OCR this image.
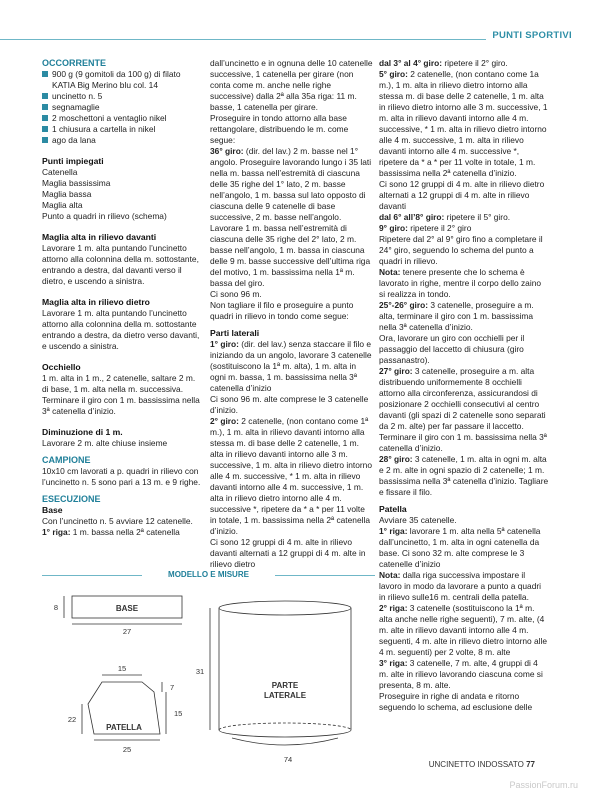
PUNTI SPORTIVI

OCCORRENTE

900 g (9 gomitoli da 100 g) di filato KATIA Big Merino blu col. 14
uncinetto n. 5
segnamaglie
2 moschettoni a ventaglio nikel
1 chiusura a cartella in nikel
ago da lana

Punti impiegati

Catenella

Maglia bassissima

Maglia bassa

Maglia alta

Punto a quadri in rilievo (schema)

Maglia alta in rilievo davanti

Lavorare 1 m. alta puntando l’uncinetto attorno alla colonnina della m. sottostante, entrando a destra, dal davanti verso il dietro, e uscendo a sinistra.

Maglia alta in rilievo dietro

Lavorare 1 m. alta puntando l’uncinetto attorno alla colonnina della m. sottostante entrando a destra, da dietro verso davanti, e uscendo a sinistra.

Occhiello

1 m. alta in 1 m., 2 catenelle, saltare 2 m. di base, 1 m. alta nella m. successiva. Terminare il giro con 1 m. bassissima nella 3ª catenella d’inizio.

Diminuzione di 1 m.

Lavorare 2 m. alte chiuse insieme

CAMPIONE

10x10 cm lavorati a p. quadri in rilievo con l’uncinetto n. 5 sono pari a 13 m. e 9 righe.

ESECUZIONE

Base

Con l’uncinetto n. 5 avviare 12 catenelle.

1° riga: 1 m. bassa nella 2ª catenella

dall’uncinetto e in ognuna delle 10 catenelle successive, 1 catenella per girare (non conta come m. anche nelle righe successive) dalla 2ª alla 35a riga: 11 m. basse, 1 catenella per girare.

Proseguire in tondo attorno alla base rettangolare, distribuendo le m. come segue:

36° giro: (dir. del lav.) 2 m. basse nel 1° angolo. Proseguire lavorando lungo i 35 lati nella m. bassa nell’estremità di ciascuna delle 35 righe del 1° lato, 2 m. basse nell’angolo, 1 m. bassa sul lato opposto di ciascuna delle 9 catenelle di base successive, 2 m. basse nell’angolo. Lavorare 1 m. bassa nell’estremità di ciascuna delle 35 righe del 2° lato, 2 m. basse nell’angolo, 1 m. bassa in ciascuna delle 9 m. basse successive dell’ultima riga del motivo, 1 m. bassissima nella 1ª m. bassa del giro.

Ci sono 96 m.

Non tagliare il filo e proseguire a punto quadri in rilievo in tondo come segue:

Parti laterali

1° giro: (dir. del lav.) senza staccare il filo e iniziando da un angolo, lavorare 3 catenelle (sostituiscono la 1ª m. alta), 1 m. alta in ogni m. bassa, 1 m. bassissima nella 3ª catenella d’inizio

Ci sono 96 m. alte comprese le 3 catenelle d’inizio.

2° giro: 2 catenelle, (non contano come 1ª m.), 1 m. alta in rilievo davanti intorno alla stessa m. di base delle 2 catenelle, 1 m. alta in rilievo davanti intorno alle 3 m. successive, 1 m. alta in rilievo dietro intorno alle 4 m. successive, * 1 m. alta in rilievo davanti intorno alle 4 m. successive, 1 m. alta in rilievo dietro intorno alle 4 m. successive *, ripetere da * a * per 11 volte in totale, 1 m. bassissima nella 2ª catenella d’inizio.

Ci sono 12 gruppi di 4 m. alte in rilievo davanti alternati a 12 gruppi di 4 m. alte in rilievo dietro

dal 3° al 4° giro: ripetere il 2° giro.

5° giro: 2 catenelle, (non contano come 1a m.), 1 m. alta in rilievo dietro intorno alla stessa m. di base delle 2 catenelle, 1 m. alta in rilievo dietro intorno alle 3 m. successive, 1 m. alta in rilievo davanti intorno alle 4 m. successive, * 1 m. alta in rilievo dietro intorno alle 4 m. successive, 1 m. alta in rilievo davanti intorno alle 4 m. successive *, ripetere da * a * per 11 volte in totale, 1 m. bassissima nella 2ª catenella d’inizio.

Ci sono 12 gruppi di 4 m. alte in rilievo dietro alternati a 12 gruppi di 4 m. alte in rilievo davanti

dal 6° all’8° giro: ripetere il 5° giro.

9° giro: ripetere il 2° giro

Ripetere dal 2° al 9° giro fino a completare il 24° giro, seguendo lo schema del punto a quadri in rilievo.

Nota: tenere presente che lo schema è lavorato in righe, mentre il corpo dello zaino si realizza in tondo.

25°-26° giro: 3 catenelle, proseguire a m. alta, terminare il giro con 1 m. bassissima nella 3ª catenella d’inizio.

Ora, lavorare un giro con occhielli per il passaggio del laccetto di chiusura (giro passanastro).

27° giro: 3 catenelle, proseguire a m. alta distribuendo uniformemente 8 occhielli attorno alla circonferenza, assicurandosi di posizionare 2 occhielli consecutivi al centro davanti (gli spazi di 2 catenelle sono separati da 2 m. alte) per far passare il laccetto. Terminare il giro con 1 m. bassissima nella 3ª catenella d’inizio.

28° giro: 3 catenelle, 1 m. alta in ogni m. alta e 2 m. alte in ogni spazio di 2 catenelle; 1 m. bassissima nella 3ª catenella d’inizio. Tagliare e fissare il filo.

Patella

Avviare 35 catenelle.

1° riga: lavorare 1 m. alta nella 5ª catenella dall’uncinetto, 1 m. alta in ogni catenella da base. Ci sono 32 m. alte comprese le 3 catenelle d’inizio

Nota: dalla riga successiva impostare il lavoro in modo da lavorare a punto a quadri in rilievo sulle16 m. centrali della patella.

2° riga: 3 catenelle (sostituiscono la 1ª m. alta anche nelle righe seguenti), 7 m. alte, (4 m. alte in rilievo davanti intorno alle 4 m. seguenti, 4 m. alte in rilievo dietro intorno alle 4 m. seguenti) per 2 volte, 8 m. alte

3° riga: 3 catenelle, 7 m. alte, 4 gruppi di 4 m. alte in rilievo lavorando ciascuna come si presenta, 8 m. alte.

Proseguire in righe di andata e ritorno seguendo lo schema, ad esclusione delle

MODELLO E MISURE
BASE
8
27
15
7
22
15
25
PATELLA
31
PARTE
LATERALE
74
UNCINETTO INDOSSATO 77
PassionForum.ru
